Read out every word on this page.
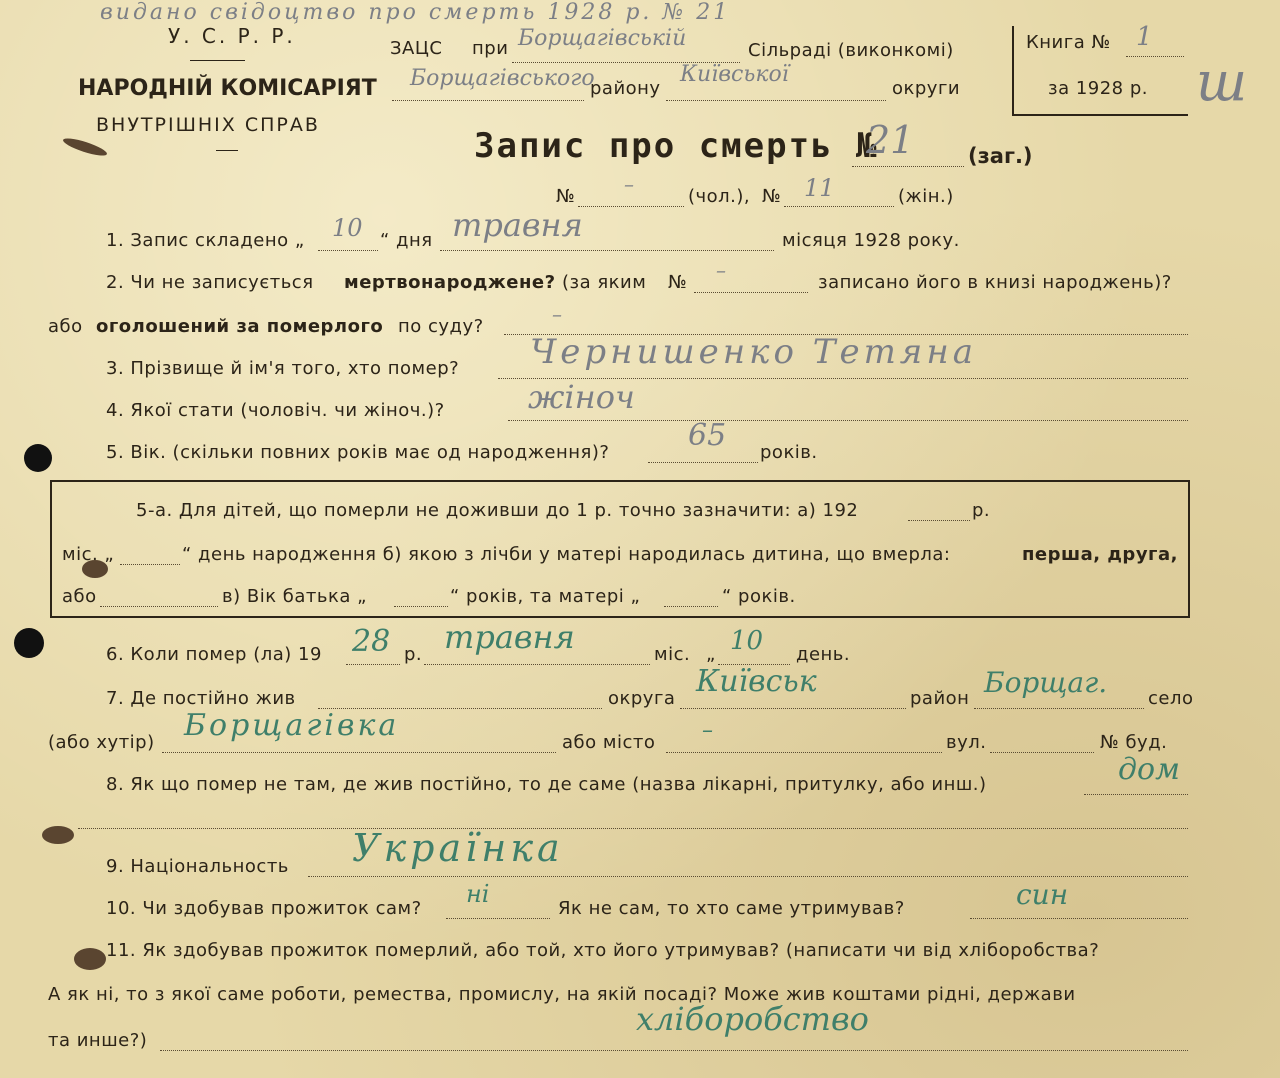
видано свідоцтво про смерть 1928 р. № 21
У. С. Р. Р.
НАРОДНІЙ КОМІСАРІЯТ
ВНУТРІШНІХ СПРАВ
ЗАЦС при Борщагівській	Сільраді (виконкомі)
Борщагівського
району
Київської
округи
Книга № 1
за 1928 р. ш
Запис про смерть №
21	(заг.)
№
–
(чол.), № 11	(жін.)
1. Запис складено „ 10 “ дня травня	місяця 1928 року.
2. Чи не записується мертвонароджене? (за яким №
–
записано його в книзі народжень)?
або оголошений за померлого по суду?
–
3. Прізвище й ім'я того, хто помер? Чернишенко Тетяна
4. Якої стати (чоловіч. чи жіноч.)?	жіноч
5. Вік. (скільки повних років має од народження)?	65 років.
5-а. Для дітей, що померли не доживши до 1 р. точно зазначити: а) 192	р.
міс. „	“ день народження б) якою з лічби у матері народилась дитина, що вмерла:	перша, друга,
або	в) Вік батька „	“ років, та матері „	“ років.
6. Коли помер (ла) 19 28 р. травня	міс. „ 10 день.
7. Де постійно жив	округа Київськ	район Борщаг. село
(або хутір) Борщагівка	або місто –	вул.	№ буд.
8. Як що помер не там, де жив постійно, то де саме (назва лікарні, притулку, або инш.)	дом
9. Національность Українка
10. Чи здобував прожиток сам?
ні
Як не сам, то хто саме утримував?	син
11. Як здобував прожиток померлий, або той, хто його утримував? (написати чи від хліборобства?
А як ні, то з якої саме роботи, ремества, промислу, на якій посаді? Може жив коштами рідні, держави
та инше?)
хліборобство
